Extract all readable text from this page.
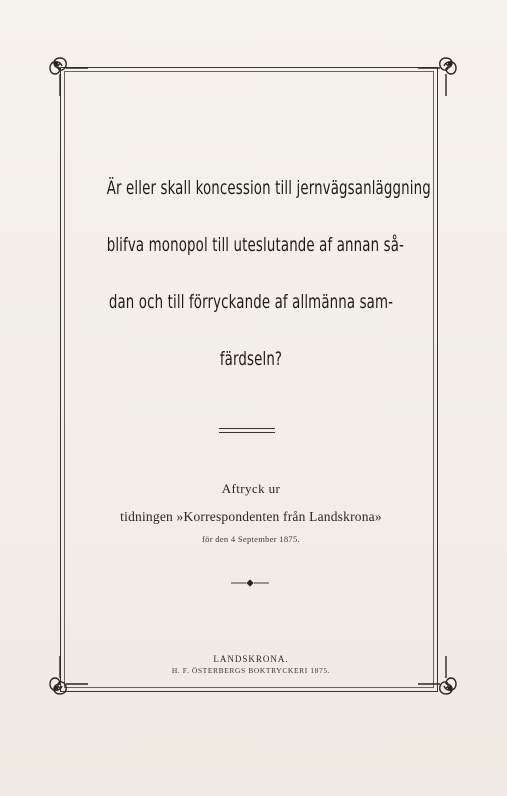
Är eller skall koncession till jernvägsanläggning
blifva monopol till uteslutande af annan så-
dan och till förryckande af allmänna sam-
färdseln?
Aftryck ur
tidningen »Korrespondenten från Landskrona»
för den 4 September 1875.
LANDSKRONA.
H. F. ÖSTERBERGS BOKTRYCKERI 1875.
